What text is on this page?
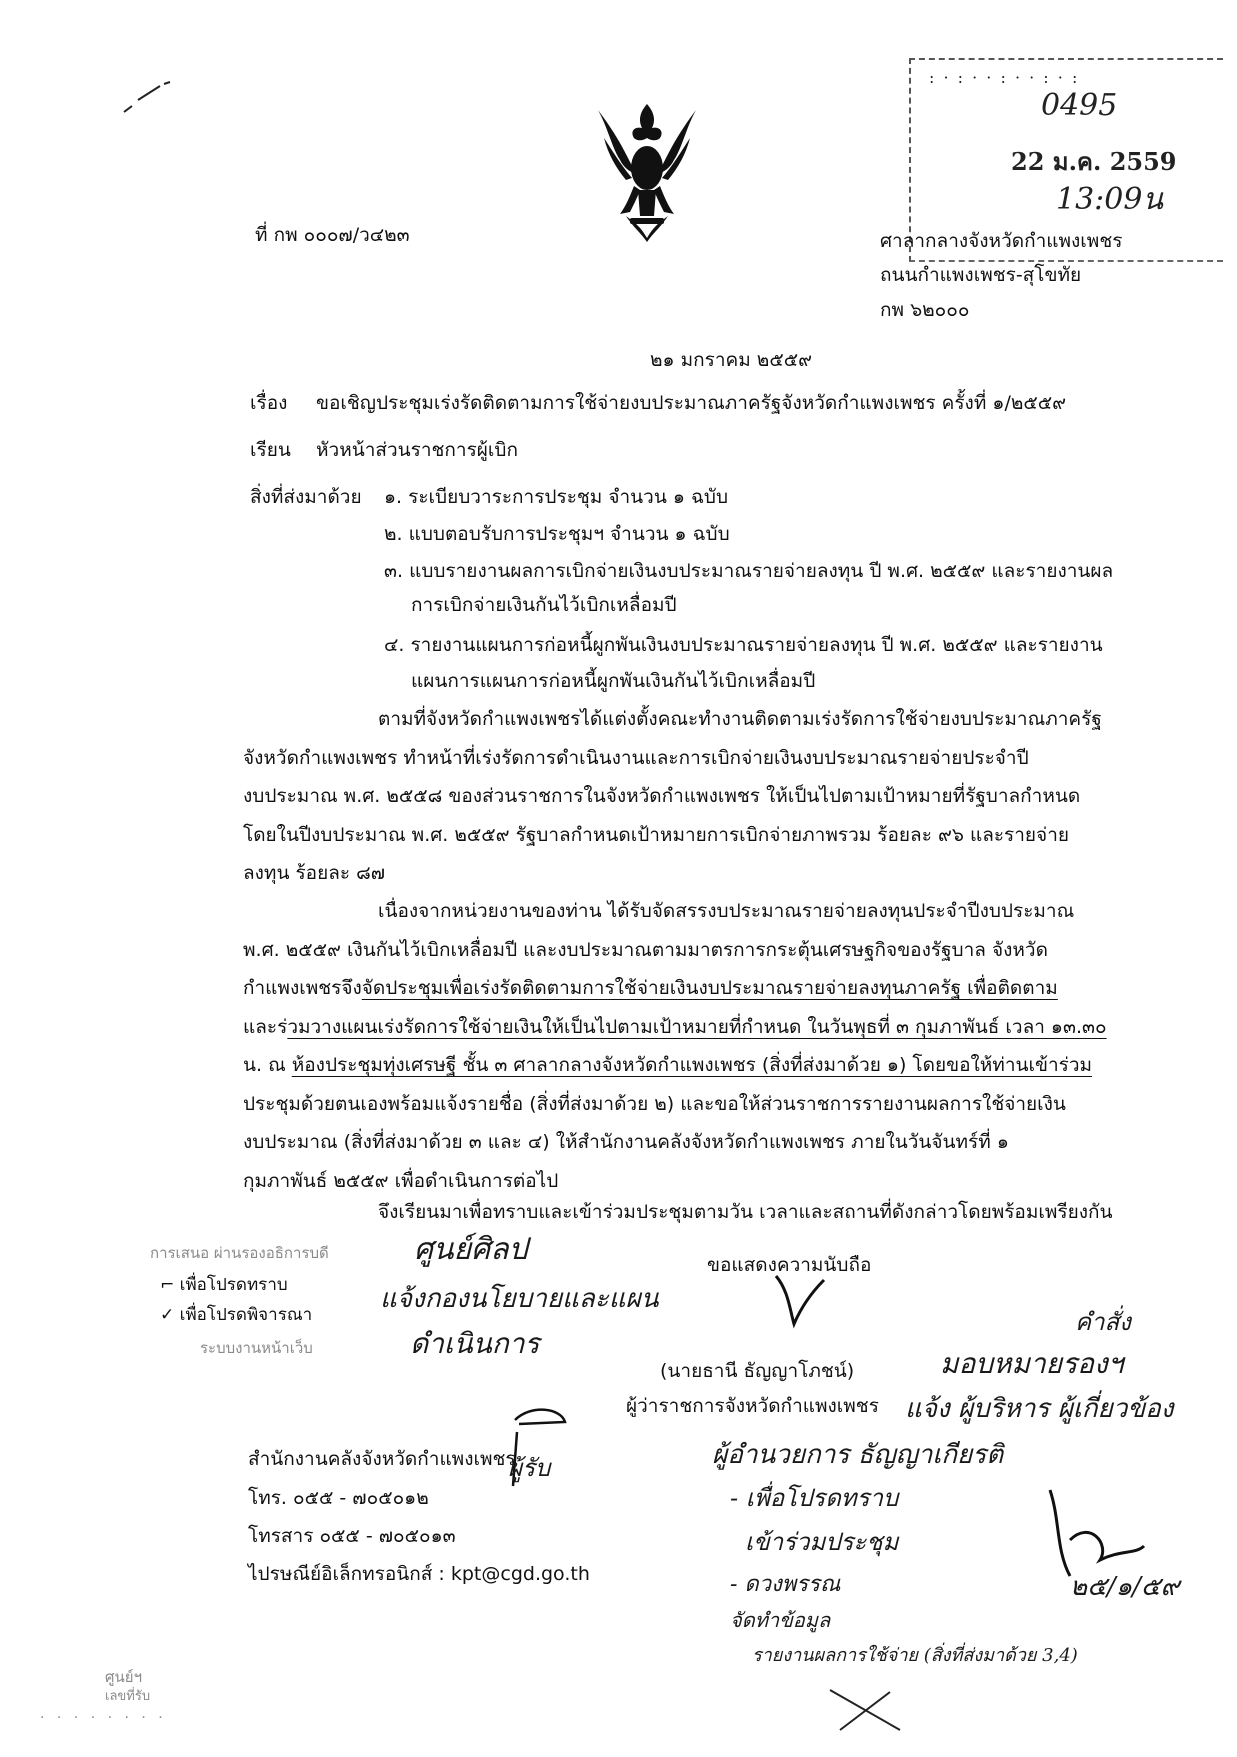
: · : · · : · · : · :
0495
22 ม.ค. 2559
13:09น
ที่ กพ ๐๐๐๗/ว๔๒๓	ศาลากลางจังหวัดกำแพงเพชร
ถนนกำแพงเพชร-สุโขทัย
กพ ๖๒๐๐๐
๒๑ มกราคม ๒๕๕๙
เรื่อง ขอเชิญประชุมเร่งรัดติดตามการใช้จ่ายงบประมาณภาครัฐจังหวัดกำแพงเพชร ครั้งที่ ๑/๒๕๕๙
เรียน หัวหน้าส่วนราชการผู้เบิก
สิ่งที่ส่งมาด้วย ๑. ระเบียบวาระการประชุม จำนวน ๑ ฉบับ
๒. แบบตอบรับการประชุมฯ จำนวน ๑ ฉบับ
๓. แบบรายงานผลการเบิกจ่ายเงินงบประมาณรายจ่ายลงทุน ปี พ.ศ. ๒๕๕๙ และรายงานผล
การเบิกจ่ายเงินกันไว้เบิกเหลื่อมปี
๔. รายงานแผนการก่อหนี้ผูกพันเงินงบประมาณรายจ่ายลงทุน ปี พ.ศ. ๒๕๕๙ และรายงาน
แผนการแผนการก่อหนี้ผูกพันเงินกันไว้เบิกเหลื่อมปี

ตามที่จังหวัดกำแพงเพชรได้แต่งตั้งคณะทำงานติดตามเร่งรัดการใช้จ่ายงบประมาณภาครัฐ

จังหวัดกำแพงเพชร ทำหน้าที่เร่งรัดการดำเนินงานและการเบิกจ่ายเงินงบประมาณรายจ่ายประจำปี

งบประมาณ พ.ศ. ๒๕๕๘ ของส่วนราชการในจังหวัดกำแพงเพชร ให้เป็นไปตามเป้าหมายที่รัฐบาลกำหนด

โดยในปีงบประมาณ พ.ศ. ๒๕๕๙ รัฐบาลกำหนดเป้าหมายการเบิกจ่ายภาพรวม ร้อยละ ๙๖ และรายจ่าย

ลงทุน ร้อยละ ๘๗

เนื่องจากหน่วยงานของท่าน ได้รับจัดสรรงบประมาณรายจ่ายลงทุนประจำปีงบประมาณ

พ.ศ. ๒๕๕๙ เงินกันไว้เบิกเหลื่อมปี และงบประมาณตามมาตรการกระตุ้นเศรษฐกิจของรัฐบาล จังหวัด

กำแพงเพชรจึงจัดประชุมเพื่อเร่งรัดติดตามการใช้จ่ายเงินงบประมาณรายจ่ายลงทุนภาครัฐ เพื่อติดตาม

และร่วมวางแผนเร่งรัดการใช้จ่ายเงินให้เป็นไปตามเป้าหมายที่กำหนด ในวันพุธที่ ๓ กุมภาพันธ์ เวลา ๑๓.๓๐

น. ณ ห้องประชุมทุ่งเศรษฐี ชั้น ๓ ศาลากลางจังหวัดกำแพงเพชร (สิ่งที่ส่งมาด้วย ๑) โดยขอให้ท่านเข้าร่วม

ประชุมด้วยตนเองพร้อมแจ้งรายชื่อ (สิ่งที่ส่งมาด้วย ๒) และขอให้ส่วนราชการรายงานผลการใช้จ่ายเงิน

งบประมาณ (สิ่งที่ส่งมาด้วย ๓ และ ๔) ให้สำนักงานคลังจังหวัดกำแพงเพชร ภายในวันจันทร์ที่ ๑

กุมภาพันธ์ ๒๕๕๙ เพื่อดำเนินการต่อไป

จึงเรียนมาเพื่อทราบและเข้าร่วมประชุมตามวัน เวลาและสถานที่ดังกล่าวโดยพร้อมเพรียงกัน
การเสนอ ผ่านรองอธิการบดี
⌐ เพื่อโปรดทราบ
✓ เพื่อโปรดพิจารณา
ระบบงานหน้าเว็บ
ศูนย์ศิลป
แจ้งกองนโยบายและแผน
ดำเนินการ
ขอแสดงความนับถือ
(นายธานี ธัญญาโภชน์)
ผู้ว่าราชการจังหวัดกำแพงเพชร
คำสั่ง
มอบหมายรองฯ
แจ้ง ผู้บริหาร ผู้เกี่ยวข้อง
ผู้อำนวยการ ธัญญาเกียรติ
- เพื่อโปรดทราบ
เข้าร่วมประชุม
- ดวงพรรณ
จัดทำข้อมูล
รายงานผลการใช้จ่าย (สิ่งที่ส่งมาด้วย 3,4)
๒๕/๑/๕๙
สำนักงานคลังจังหวัดกำแพงเพชร
ผู้รับ
โทร. ๐๕๕ - ๗๐๕๐๑๒
โทรสาร ๐๕๕ - ๗๐๕๐๑๓
ไปรษณีย์อิเล็กทรอนิกส์ : kpt@cgd.go.th
ศูนย์ฯ
เลขที่รับ
· · · · · · · ·
